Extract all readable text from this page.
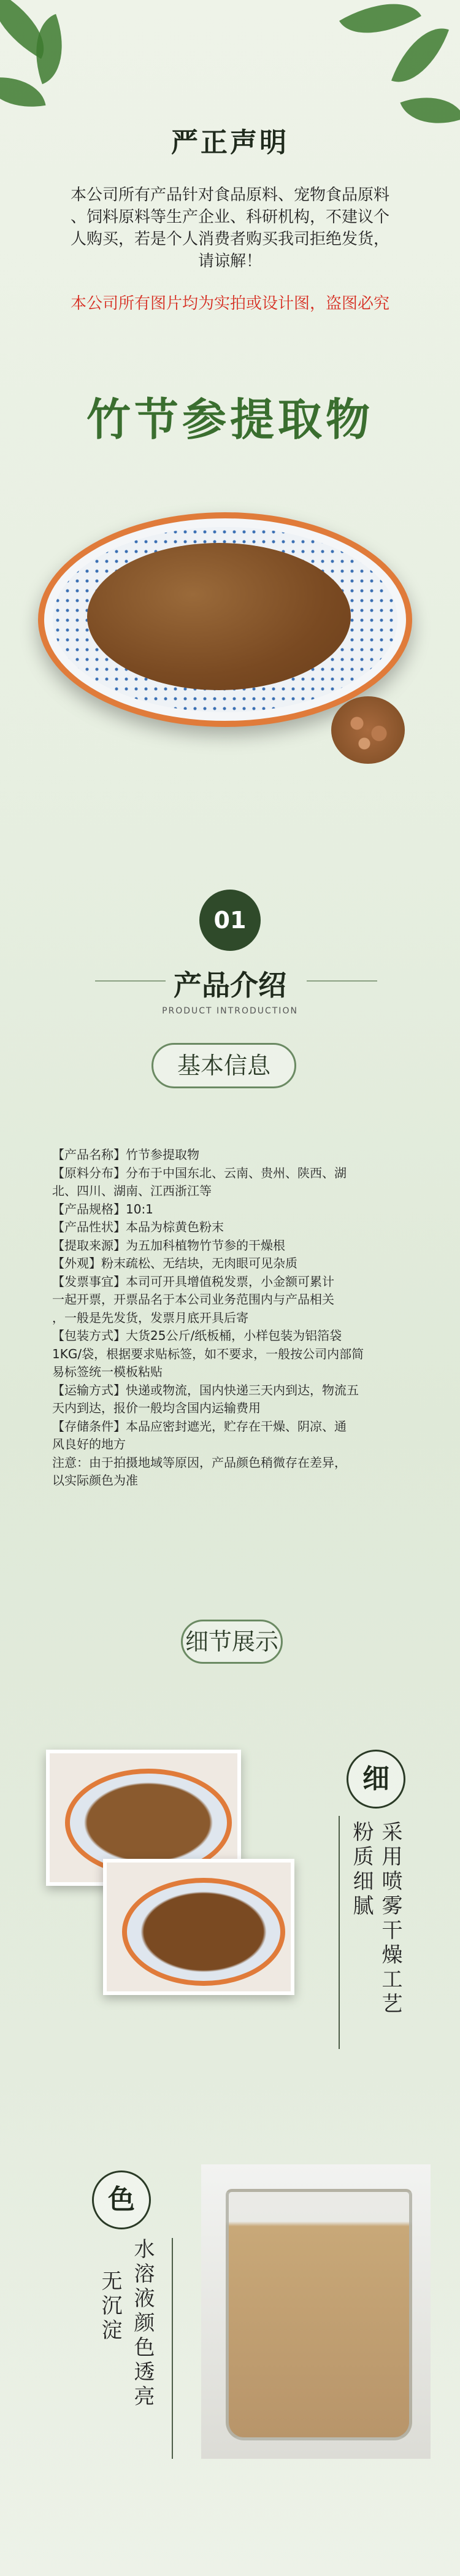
严正声明
本公司所有产品针对食品原料、宠物食品原料
、饲料原料等生产企业、科研机构，不建议个
人购买，若是个人消费者购买我司拒绝发货，
请谅解！
本公司所有图片均为实拍或设计图，盗图必究
竹节参提取物
01
产品介绍
PRODUCT INTRODUCTION
基本信息
【产品名称】竹节参提取物
【原料分布】分布于中国东北、云南、贵州、陕西、湖
北、四川、湖南、江西浙江等
【产品规格】10:1
【产品性状】本品为棕黄色粉末
【提取来源】为五加科植物竹节参的干燥根
【外观】粉末疏松、无结块，无肉眼可见杂质
【发票事宜】本司可开具增值税发票，小金额可累计
一起开票，开票品名于本公司业务范围内与产品相关
，一般是先发货，发票月底开具后寄
【包装方式】大货25公斤/纸板桶，小样包装为铝箔袋
1KG/袋，根据要求贴标签，如不要求，一般按公司内部简
易标签统一模板粘贴
【运输方式】快递或物流，国内快递三天内到达，物流五
天内到达，报价一般均含国内运输费用
【存储条件】本品应密封遮光，贮存在干燥、阴凉、通
风良好的地方
注意：由于拍摄地域等原因，产品颜色稍微存在差异，
以实际颜色为准
细节展示
细
采用喷雾干燥工艺
粉质细腻
色
水溶液颜色透亮
无沉淀
